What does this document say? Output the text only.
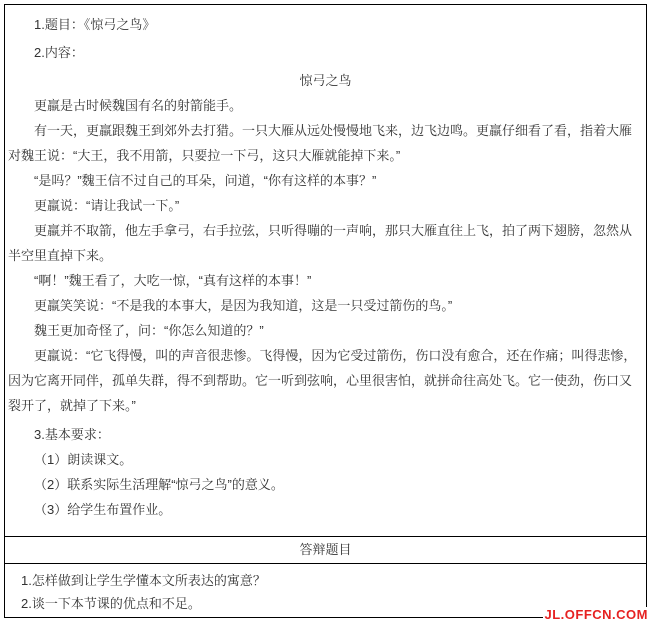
1.题目：《惊弓之鸟》

2.内容：

惊弓之鸟

更羸是古时候魏国有名的射箭能手。

有一天，更羸跟魏王到郊外去打猎。一只大雁从远处慢慢地飞来，边飞边鸣。更羸仔细看了看，指着大雁对魏王说：“大王，我不用箭，只要拉一下弓，这只大雁就能掉下来。”

“是吗？”魏王信不过自己的耳朵，问道，“你有这样的本事？”

更羸说：“请让我试一下。”

更羸并不取箭，他左手拿弓，右手拉弦，只听得嘣的一声响，那只大雁直往上飞，拍了两下翅膀，忽然从半空里直掉下来。

“啊！”魏王看了，大吃一惊，“真有这样的本事！”

更羸笑笑说：“不是我的本事大，是因为我知道，这是一只受过箭伤的鸟。”

魏王更加奇怪了，问：“你怎么知道的？”

更羸说：“它飞得慢，叫的声音很悲惨。飞得慢，因为它受过箭伤，伤口没有愈合，还在作痛；叫得悲惨，因为它离开同伴，孤单失群，得不到帮助。它一听到弦响，心里很害怕，就拼命往高处飞。它一使劲，伤口又裂开了，就掉了下来。”

3.基本要求：

（1）朗读课文。

（2）联系实际生活理解“惊弓之鸟”的意义。

（3）给学生布置作业。

答辩题目

1.怎样做到让学生学懂本文所表达的寓意？

2.谈一下本节课的优点和不足。

JL.OFFCN.COM
